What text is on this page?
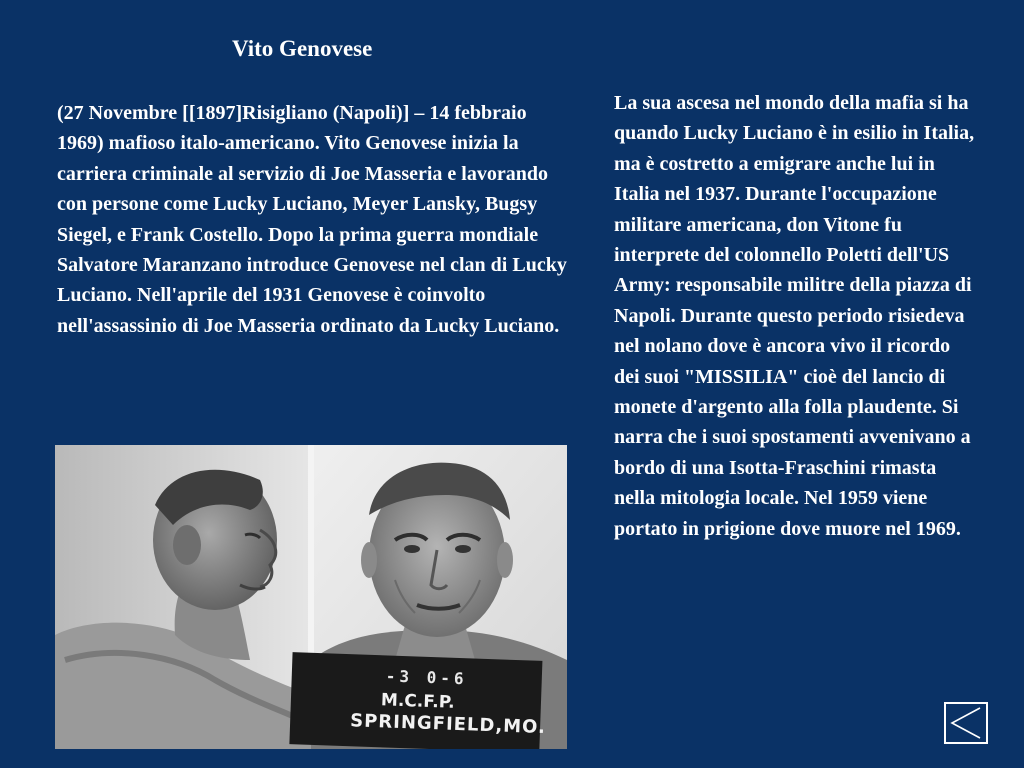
Vito Genovese
(27 Novembre [[1897]Risigliano (Napoli)] – 14 febbraio 1969) mafioso italo-americano. Vito Genovese inizia la carriera criminale al servizio di Joe Masseria e lavorando con persone come Lucky Luciano, Meyer Lansky, Bugsy Siegel, e Frank Costello. Dopo la prima guerra mondiale Salvatore Maranzano introduce Genovese nel clan di Lucky Luciano. Nell'aprile del 1931 Genovese è coinvolto nell'assassinio di Joe Masseria ordinato da Lucky Luciano.
La sua ascesa nel mondo della mafia si ha quando Lucky Luciano è in esilio in Italia, ma è costretto a emigrare anche lui in Italia nel 1937. Durante l'occupazione militare americana, don Vitone fu interprete del colonnello Poletti dell'US Army: responsabile militre della piazza di Napoli. Durante questo periodo risiedeva nel nolano dove è ancora vivo il ricordo dei suoi "MISSILIA" cioè del lancio di monete d'argento alla folla plaudente. Si narra che i suoi spostamenti avvenivano a bordo di una Isotta-Fraschini rimasta nella mitologia locale. Nel 1959 viene portato in prigione dove muore nel 1969.
-3 0-6
M.C.F.P.
SPRINGFIELD,MO.
